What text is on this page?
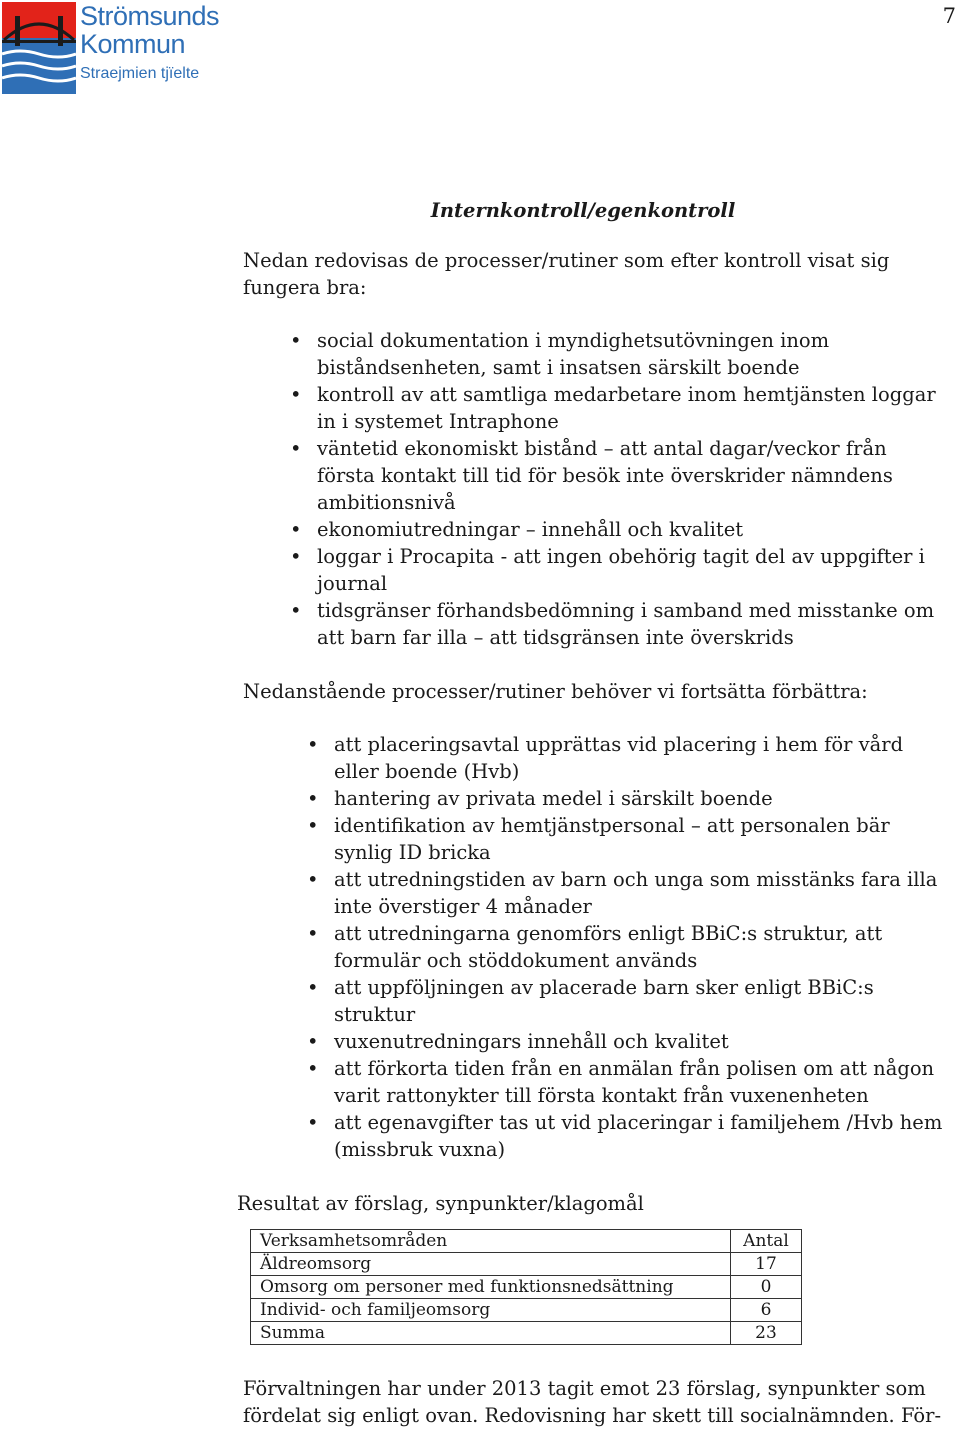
Strömsunds
Kommun
Straejmien tjïelte
7
Internkontroll/egenkontroll

Nedan redovisas de processer/rutiner som efter kontroll visat sig fungera bra:

• social dokumentation i myndighetsutövningen inom biståndsenheten, samt i insatsen särskilt boende
• kontroll av att samtliga medarbetare inom hemtjänsten loggar in i systemet Intraphone
• väntetid ekonomiskt bistånd – att antal dagar/veckor från första kontakt till tid för besök inte överskrider nämndens ambitionsnivå
• ekonomiutredningar – innehåll och kvalitet
• loggar i Procapita - att ingen obehörig tagit del av uppgifter i journal
• tidsgränser förhandsbedömning i samband med misstanke om att barn far illa – att tidsgränsen inte överskrids

Nedanstående processer/rutiner behöver vi fortsätta förbättra:

• att placeringsavtal upprättas vid placering i hem för vård eller boende (Hvb)
• hantering av privata medel i särskilt boende
• identifikation av hemtjänstpersonal – att personalen bär synlig ID bricka
• att utredningstiden av barn och unga som misstänks fara illa inte överstiger 4 månader
• att utredningarna genomförs enligt BBiC:s struktur, att formulär och stöddokument används
• att uppföljningen av placerade barn sker enligt BBiC:s struktur
• vuxenutredningars innehåll och kvalitet
• att förkorta tiden från en anmälan från polisen om att någon varit rattonykter till första kontakt från vuxenenheten
• att egenavgifter tas ut vid placeringar i familjehem /Hvb hem (missbruk vuxna)

Resultat av förslag, synpunkter/klagomål

Verksamhetsområden	Antal
Äldreomsorg	17
Omsorg om personer med funktionsnedsättning	0
Individ- och familjeomsorg	6
Summa	23

Förvaltningen har under 2013 tagit emot 23 förslag, synpunkter som fördelat sig enligt ovan. Redovisning har skett till socialnämnden. För-
